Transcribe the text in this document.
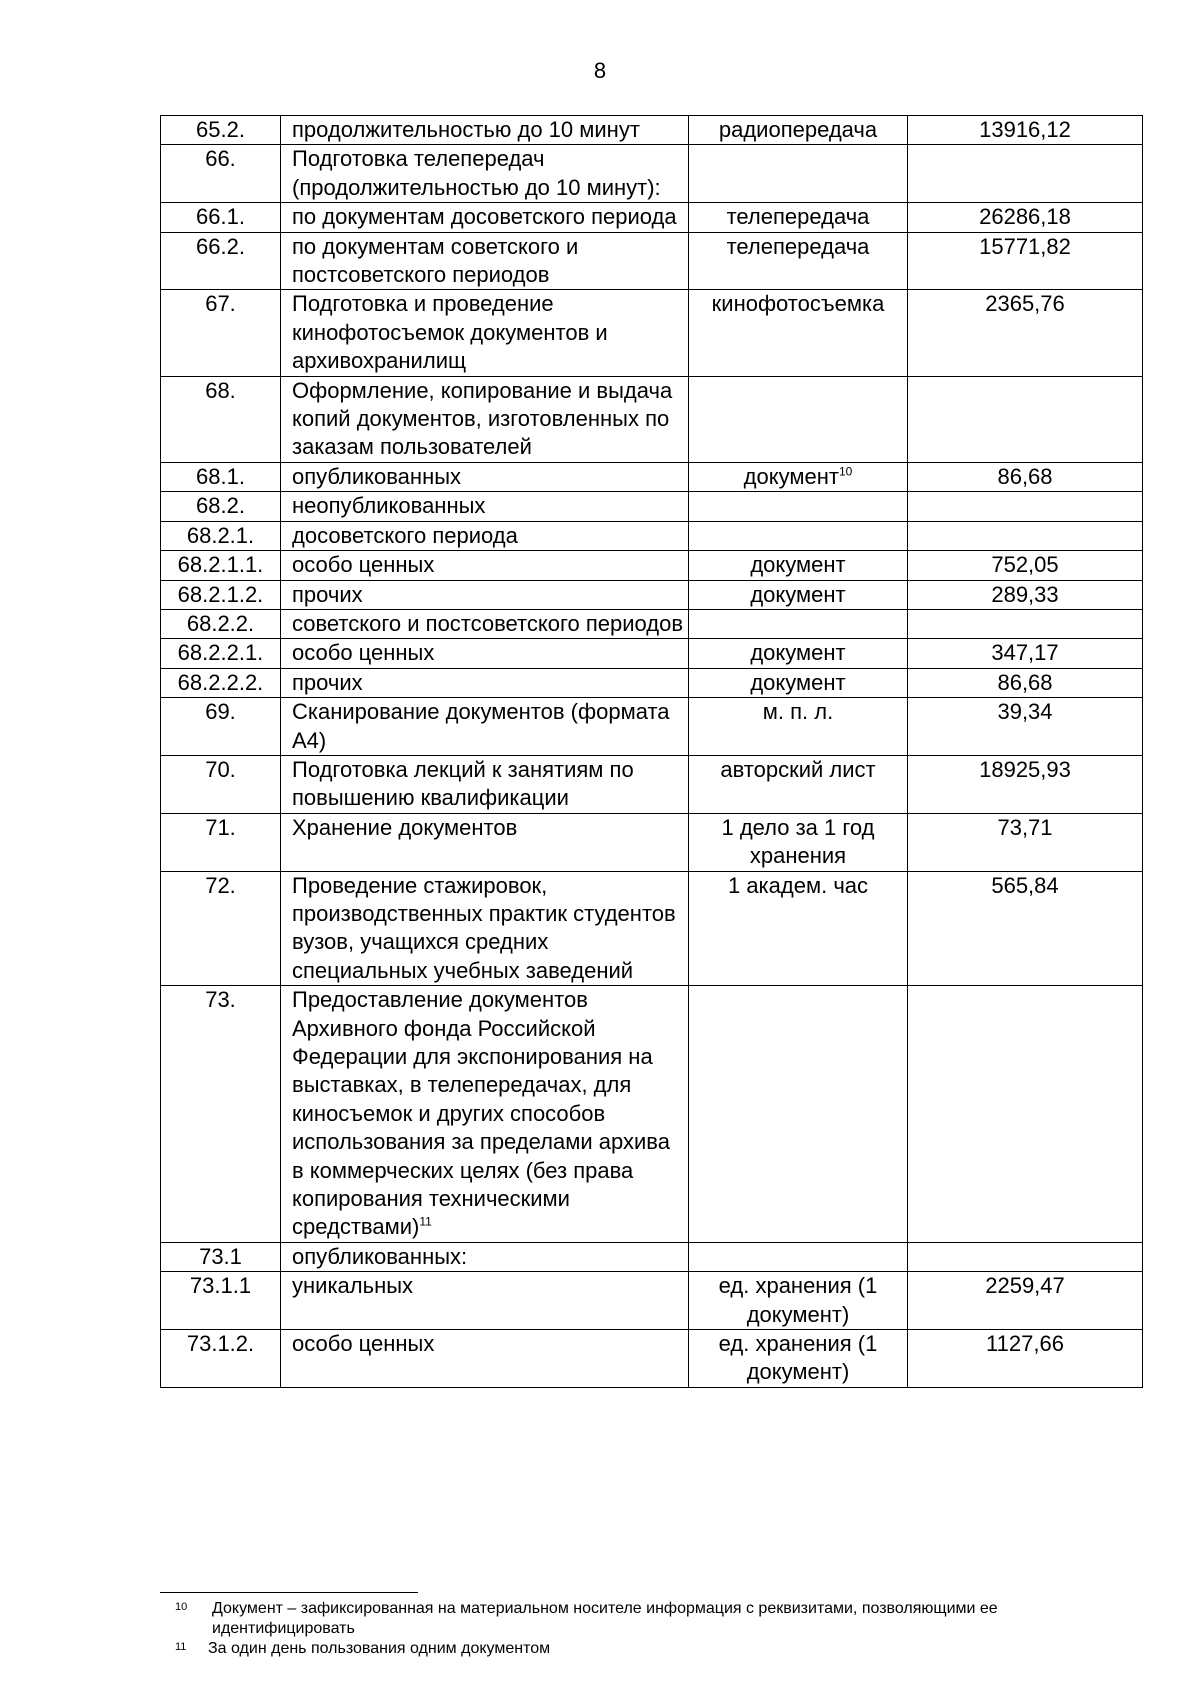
8
65.2.	продолжительностью до 10 минут	радиопередача	13916,12
66.	Подготовка телепередач (продолжительностью до 10 минут):		
66.1.	по документам досоветского периода	телепередача	26286,18
66.2.	по документам советского и постсоветского периодов	телепередача	15771,82
67.	Подготовка и проведение кинофотосъемок документов и архивохранилищ	кинофотосъемка	2365,76
68.	Оформление, копирование и выдача копий документов, изготовленных по заказам пользователей		
68.1.	опубликованных	документ$^{10}$	86,68
68.2.	неопубликованных		
68.2.1.	досоветского периода		
68.2.1.1.	особо ценных	документ	752,05
68.2.1.2.	прочих	документ	289,33
68.2.2.	советского и постсоветского периодов		
68.2.2.1.	особо ценных	документ	347,17
68.2.2.2.	прочих	документ	86,68
69.	Сканирование документов (формата А4)	м. п. л.	39,34
70.	Подготовка лекций к занятиям по повышению квалификации	авторский лист	18925,93
71.	Хранение документов	1 дело за 1 год хранения	73,71
72.	Проведение стажировок, производственных практик студентов вузов, учащихся средних специальных учебных заведений	1 академ. час	565,84
73.	Предоставление документов Архивного фонда Российской Федерации для экспонирования на выставках, в телепередачах, для киносъемок и других способов использования за пределами архива в коммерческих целях (без права копирования техническими средствами)$^{11}$		
73.1	опубликованных:		
73.1.1	уникальных	ед. хранения (1 документ)	2259,47
73.1.2.	особо ценных	ед. хранения (1 документ)	1127,66
10 Документ – зафиксированная на материальном носителе информация с реквизитами, позволяющими ее идентифицировать
11 За один день пользования одним документом
